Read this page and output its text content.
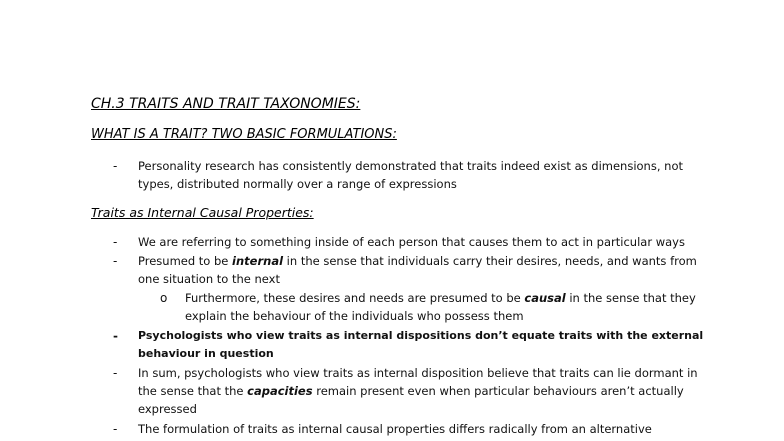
CH.3 TRAITS AND TRAIT TAXONOMIES:
WHAT IS A TRAIT? TWO BASIC FORMULATIONS:
- Personality research has consistently demonstrated that traits indeed exist as dimensions, not
types, distributed normally over a range of expressions
Traits as Internal Causal Properties:
- We are referring to something inside of each person that causes them to act in particular ways
- Presumed to be internal in the sense that individuals carry their desires, needs, and wants from
one situation to the next
o Furthermore, these desires and needs are presumed to be causal in the sense that they
explain the behaviour of the individuals who possess them
- Psychologists who view traits as internal dispositions don’t equate traits with the external
behaviour in question
- In sum, psychologists who view traits as internal disposition believe that traits can lie dormant in
the sense that the capacities remain present even when particular behaviours aren’t actually
expressed
- The formulation of traits as internal causal properties differs radically from an alternative
